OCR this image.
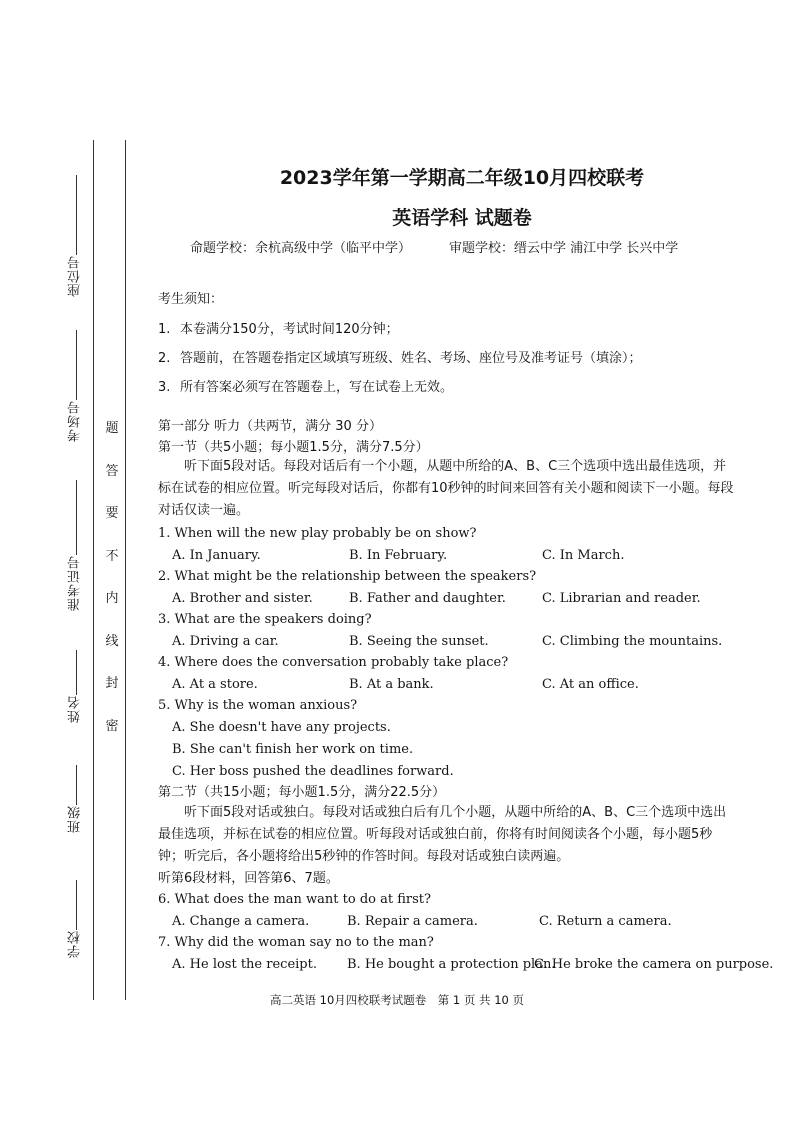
座位号
考场号
准考证号
姓名
班级
学校
题
答
要
不
内
线
封
密
2023学年第一学期高二年级10月四校联考
英语学科 试题卷
命题学校：余杭高级中学（临平中学）	审题学校：缙云中学 浦江中学 长兴中学
考生须知：
1. 本卷满分150分，考试时间120分钟；
2. 答题前，在答题卷指定区域填写班级、姓名、考场、座位号及准考证号（填涂）；
3. 所有答案必须写在答题卷上，写在试卷上无效。
第一部分 听力（共两节，满分 30 分）
第一节（共5小题；每小题1.5分，满分7.5分）
听下面5段对话。每段对话后有一个小题，从题中所给的A、B、C三个选项中选出最佳选项，并标在试卷的相应位置。听完每段对话后，你都有10秒钟的时间来回答有关小题和阅读下一小题。每段对话仅读一遍。
1. When will the new play probably be on show?
A. In January.	B. In February.	C. In March.
2. What might be the relationship between the speakers?
A. Brother and sister.	B. Father and daughter.	C. Librarian and reader.
3. What are the speakers doing?
A. Driving a car.	B. Seeing the sunset.	C. Climbing the mountains.
4. Where does the conversation probably take place?
A. At a store.	B. At a bank.	C. At an office.
5. Why is the woman anxious?
A. She doesn't have any projects.
B. She can't finish her work on time.
C. Her boss pushed the deadlines forward.
第二节（共15小题；每小题1.5分，满分22.5分）
听下面5段对话或独白。每段对话或独白后有几个小题，从题中所给的A、B、C三个选项中选出最佳选项，并标在试卷的相应位置。听每段对话或独白前，你将有时间阅读各个小题，每小题5秒钟；听完后，各小题将给出5秒钟的作答时间。每段对话或独白读两遍。
听第6段材料，回答第6、7题。
6. What does the man want to do at first?
A. Change a camera.	B. Repair a camera.	C. Return a camera.
7. Why did the woman say no to the man?
A. He lost the receipt. B. He bought a protection plan.
C. He broke the camera on purpose.
高二英语 10月四校联考试题卷　第 1 页 共 10 页
